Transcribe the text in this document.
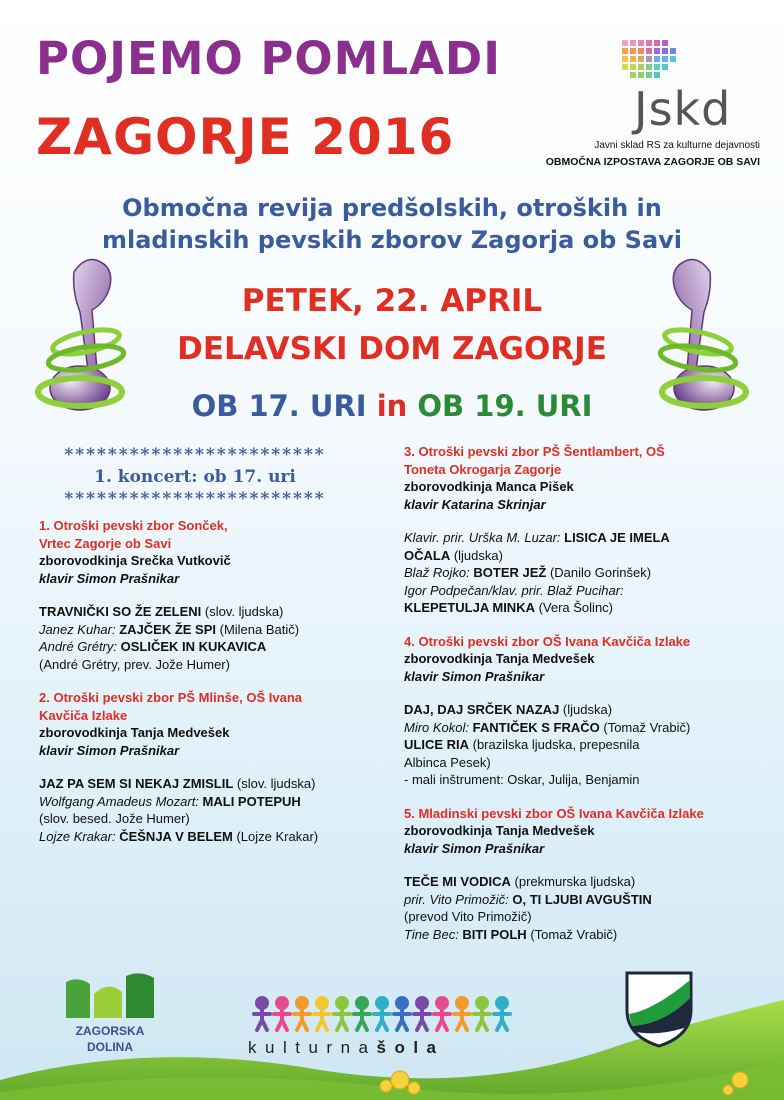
POJEMO POMLADI
ZAGORJE 2016	Jskd
Javni sklad RS za kulturne dejavnosti
OBMOČNA IZPOSTAVA ZAGORJE OB SAVI
Območna revija predšolskih, otroških in
mladinskih pevskih zborov Zagorja ob Savi
PETEK, 22. APRIL
DELAVSKI DOM ZAGORJE
OB 17. URI in OB 19. URI
************************
1. koncert: ob 17. uri
************************
1. Otroški pevski zbor Sonček,
Vrtec Zagorje ob Savi
zborovodkinja Srečka Vutkovič
klavir Simon Prašnikar
TRAVNIČKI SO ŽE ZELENI (slov. ljudska)
Janez Kuhar: ZAJČEK ŽE SPI (Milena Batič)
André Grétry: OSLIČEK IN KUKAVICA
(André Grétry, prev. Jože Humer)
2. Otroški pevski zbor PŠ Mlinše, OŠ Ivana
Kavčiča Izlake
zborovodkinja Tanja Medvešek
klavir Simon Prašnikar
JAZ PA SEM SI NEKAJ ZMISLIL (slov. ljudska)
Wolfgang Amadeus Mozart: MALI POTEPUH
(slov. besed. Jože Humer)
Lojze Krakar: ČEŠNJA V BELEM (Lojze Krakar)
3. Otroški pevski zbor PŠ Šentlambert, OŠ
Toneta Okrogarja Zagorje
zborovodkinja Manca Pišek
klavir Katarina Skrinjar
Klavir. prir. Urška M. Luzar: LISICA JE IMELA
OČALA (ljudska)
Blaž Rojko: BOTER JEŽ (Danilo Gorinšek)
Igor Podpečan/klav. prir. Blaž Pucihar:
KLEPETULJA MINKA (Vera Šolinc)
4. Otroški pevski zbor OŠ Ivana Kavčiča Izlake
zborovodkinja Tanja Medvešek
klavir Simon Prašnikar
DAJ, DAJ SRČEK NAZAJ (ljudska)
Miro Kokol: FANTIČEK S FRAČO (Tomaž Vrabič)
ULICE RIA (brazilska ljudska, prepesnila
Albinca Pesek)
- mali inštrument: Oskar, Julija, Benjamin
5. Mladinski pevski zbor OŠ Ivana Kavčiča Izlake
zborovodkinja Tanja Medvešek
klavir Simon Prašnikar
TEČE MI VODICA (prekmurska ljudska)
prir. Vito Primožič: O, TI LJUBI AVGUŠTIN
(prevod Vito Primožič)
Tine Bec: BITI POLH (Tomaž Vrabič)
ZAGORSKA
DOLINA	kulturnašola
